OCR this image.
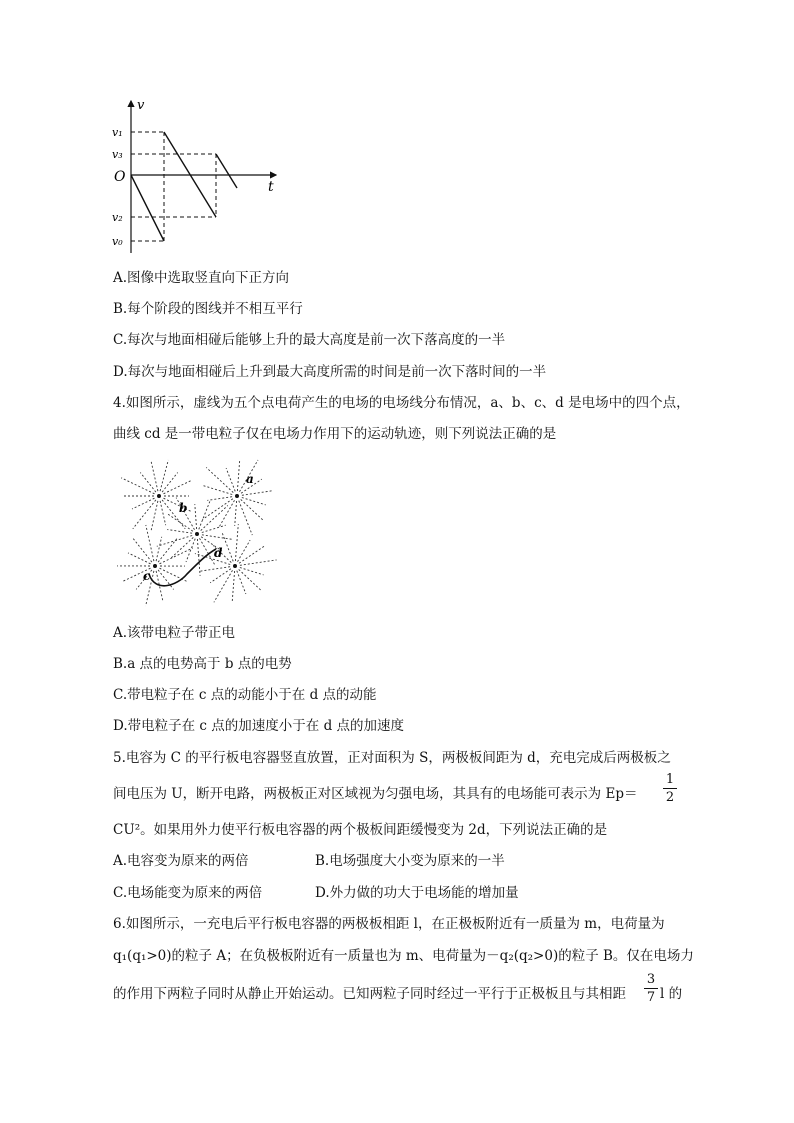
v
t
O
v₁
v₃
v₂
v₀
A.图像中选取竖直向下正方向
B.每个阶段的图线并不相互平行
C.每次与地面相碰后能够上升的最大高度是前一次下落高度的一半
D.每次与地面相碰后上升到最大高度所需的时间是前一次下落时间的一半
4.如图所示，虚线为五个点电荷产生的电场的电场线分布情况，a、b、c、d 是电场中的四个点，
曲线 cd 是一带电粒子仅在电场力作用下的运动轨迹，则下列说法正确的是
a
b
c
d
A.该带电粒子带正电
B.a 点的电势高于 b 点的电势
C.带电粒子在 c 点的动能小于在 d 点的动能
D.带电粒子在 c 点的加速度小于在 d 点的加速度
5.电容为 C 的平行板电容器竖直放置，正对面积为 S，两极板间距为 d，充电完成后两极板之
间电压为 U，断开电路，两极板正对区域视为匀强电场，其具有的电场能可表示为 Ep＝
1
2
CU²。如果用外力使平行板电容器的两个极板间距缓慢变为 2d，下列说法正确的是
A.电容变为原来的两倍	B.电场强度大小变为原来的一半
C.电场能变为原来的两倍	D.外力做的功大于电场能的增加量
6.如图所示，一充电后平行板电容器的两极板相距 l，在正极板附近有一质量为 m，电荷量为
q₁(q₁>0)的粒子 A；在负极板附近有一质量也为 m、电荷量为－q₂(q₂>0)的粒子 B。仅在电场力
的作用下两粒子同时从静止开始运动。已知两粒子同时经过一平行于正极板且与其相距
3
7 l 的
